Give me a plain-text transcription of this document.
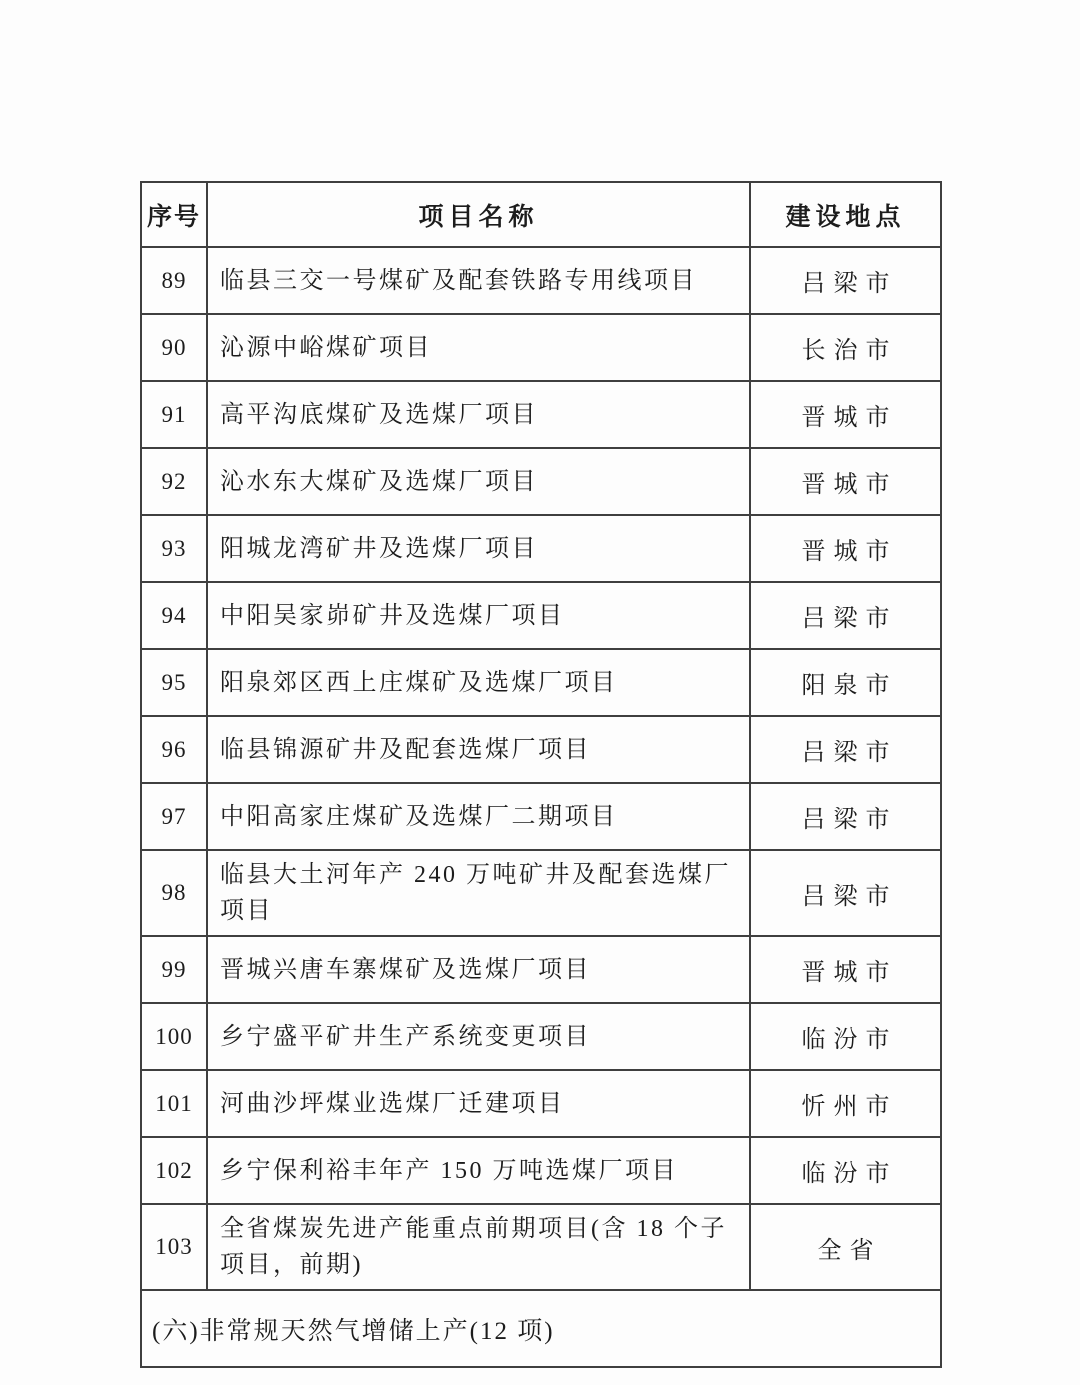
序号	项目名称	建设地点
89	临县三交一号煤矿及配套铁路专用线项目	吕梁市
90	沁源中峪煤矿项目	长治市
91	高平沟底煤矿及选煤厂项目	晋城市
92	沁水东大煤矿及选煤厂项目	晋城市
93	阳城龙湾矿井及选煤厂项目	晋城市
94	中阳吴家峁矿井及选煤厂项目	吕梁市
95	阳泉郊区西上庄煤矿及选煤厂项目	阳泉市
96	临县锦源矿井及配套选煤厂项目	吕梁市
97	中阳高家庄煤矿及选煤厂二期项目	吕梁市
98	临县大土河年产 240 万吨矿井及配套选煤厂项目	吕梁市
99	晋城兴唐车寨煤矿及选煤厂项目	晋城市
100	乡宁盛平矿井生产系统变更项目	临汾市
101	河曲沙坪煤业选煤厂迁建项目	忻州市
102	乡宁保利裕丰年产 150 万吨选煤厂项目	临汾市
103	全省煤炭先进产能重点前期项目(含 18 个子项目，前期)	全省
(六)非常规天然气增储上产(12 项)		
